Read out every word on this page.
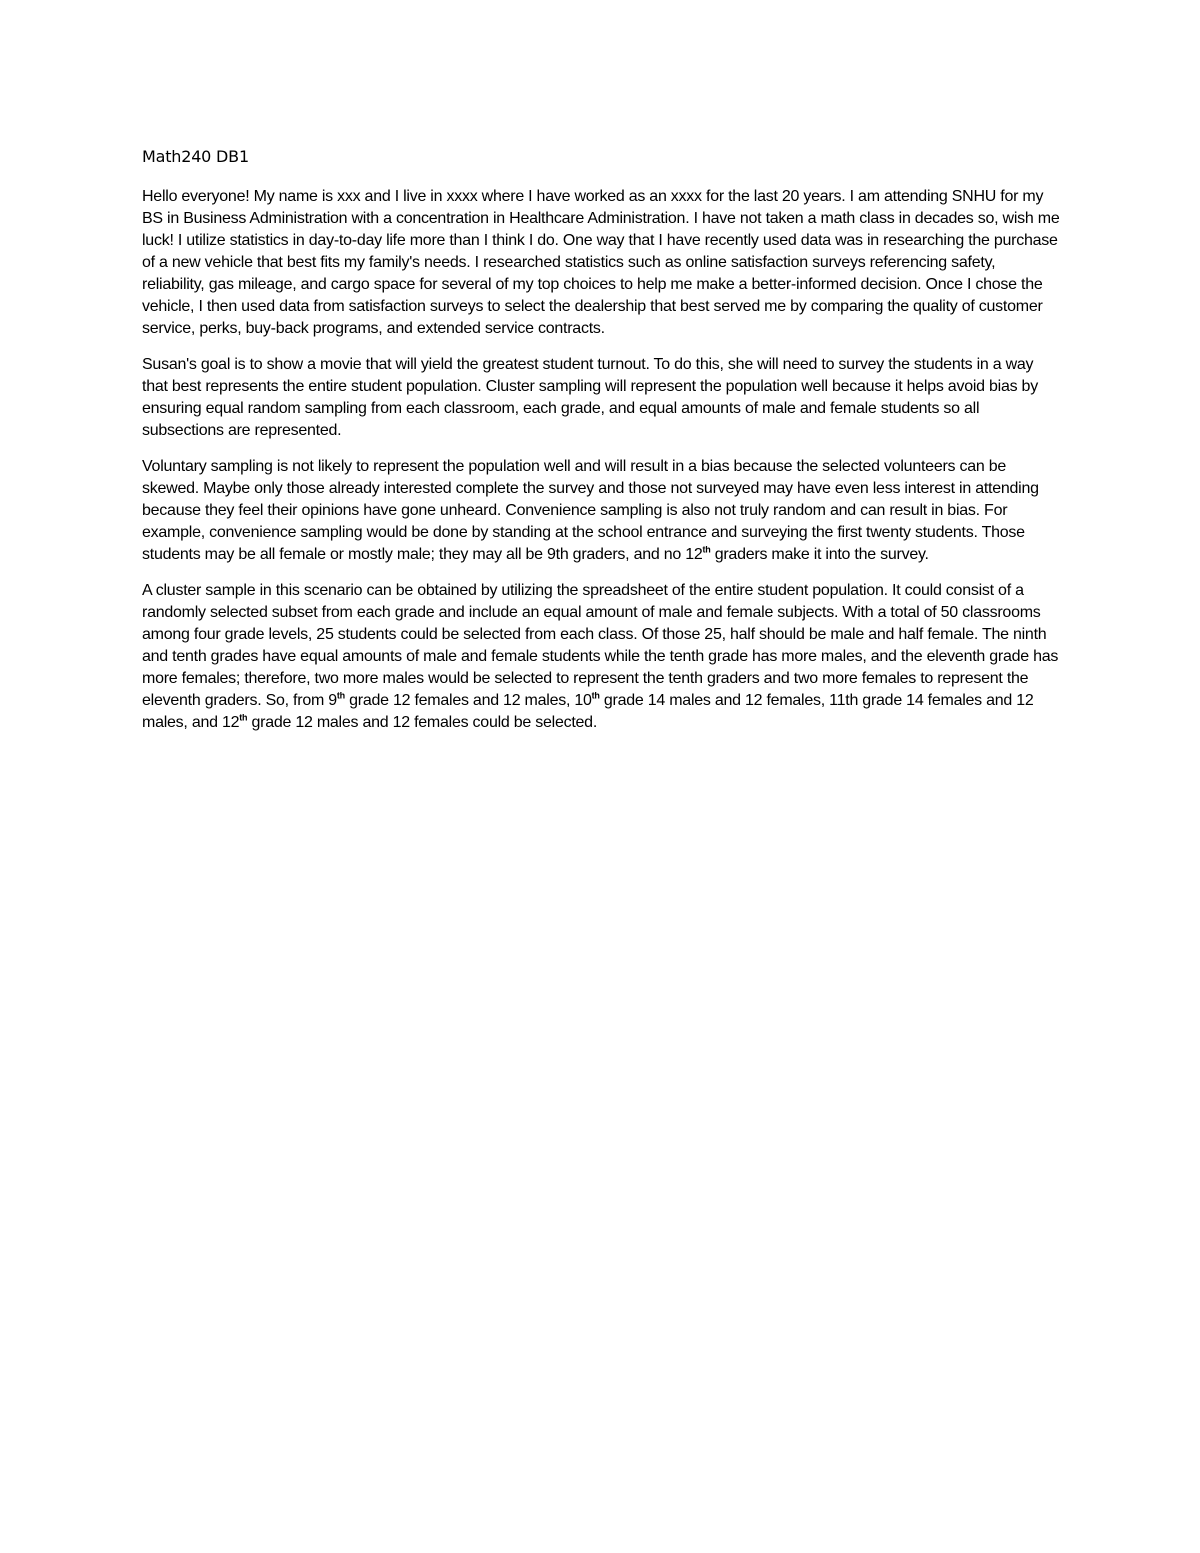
Math240 DB1

Hello everyone! My name is xxx and I live in xxxx where I have worked as an xxxx for the last 20 years. I am attending SNHU for my BS in Business Administration with a concentration in Healthcare Administration. I have not taken a math class in decades so, wish me luck! I utilize statistics in day-to-day life more than I think I do. One way that I have recently used data was in researching the purchase of a new vehicle that best fits my family's needs. I researched statistics such as online satisfaction surveys referencing safety, reliability, gas mileage, and cargo space for several of my top choices to help me make a better-informed decision. Once I chose the vehicle, I then used data from satisfaction surveys to select the dealership that best served me by comparing the quality of customer service, perks, buy-back programs, and extended service contracts.

Susan's goal is to show a movie that will yield the greatest student turnout. To do this, she will need to survey the students in a way that best represents the entire student population. Cluster sampling will represent the population well because it helps avoid bias by ensuring equal random sampling from each classroom, each grade, and equal amounts of male and female students so all subsections are represented.

Voluntary sampling is not likely to represent the population well and will result in a bias because the selected volunteers can be skewed. Maybe only those already interested complete the survey and those not surveyed may have even less interest in attending because they feel their opinions have gone unheard. Convenience sampling is also not truly random and can result in bias. For example, convenience sampling would be done by standing at the school entrance and surveying the first twenty students. Those students may be all female or mostly male; they may all be 9th graders, and no 12th graders make it into the survey.

A cluster sample in this scenario can be obtained by utilizing the spreadsheet of the entire student population. It could consist of a randomly selected subset from each grade and include an equal amount of male and female subjects. With a total of 50 classrooms among four grade levels, 25 students could be selected from each class. Of those 25, half should be male and half female. The ninth and tenth grades have equal amounts of male and female students while the tenth grade has more males, and the eleventh grade has more females; therefore, two more males would be selected to represent the tenth graders and two more females to represent the eleventh graders. So, from 9th grade 12 females and 12 males, 10th grade 14 males and 12 females, 11th grade 14 females and 12 males, and 12th grade 12 males and 12 females could be selected.
